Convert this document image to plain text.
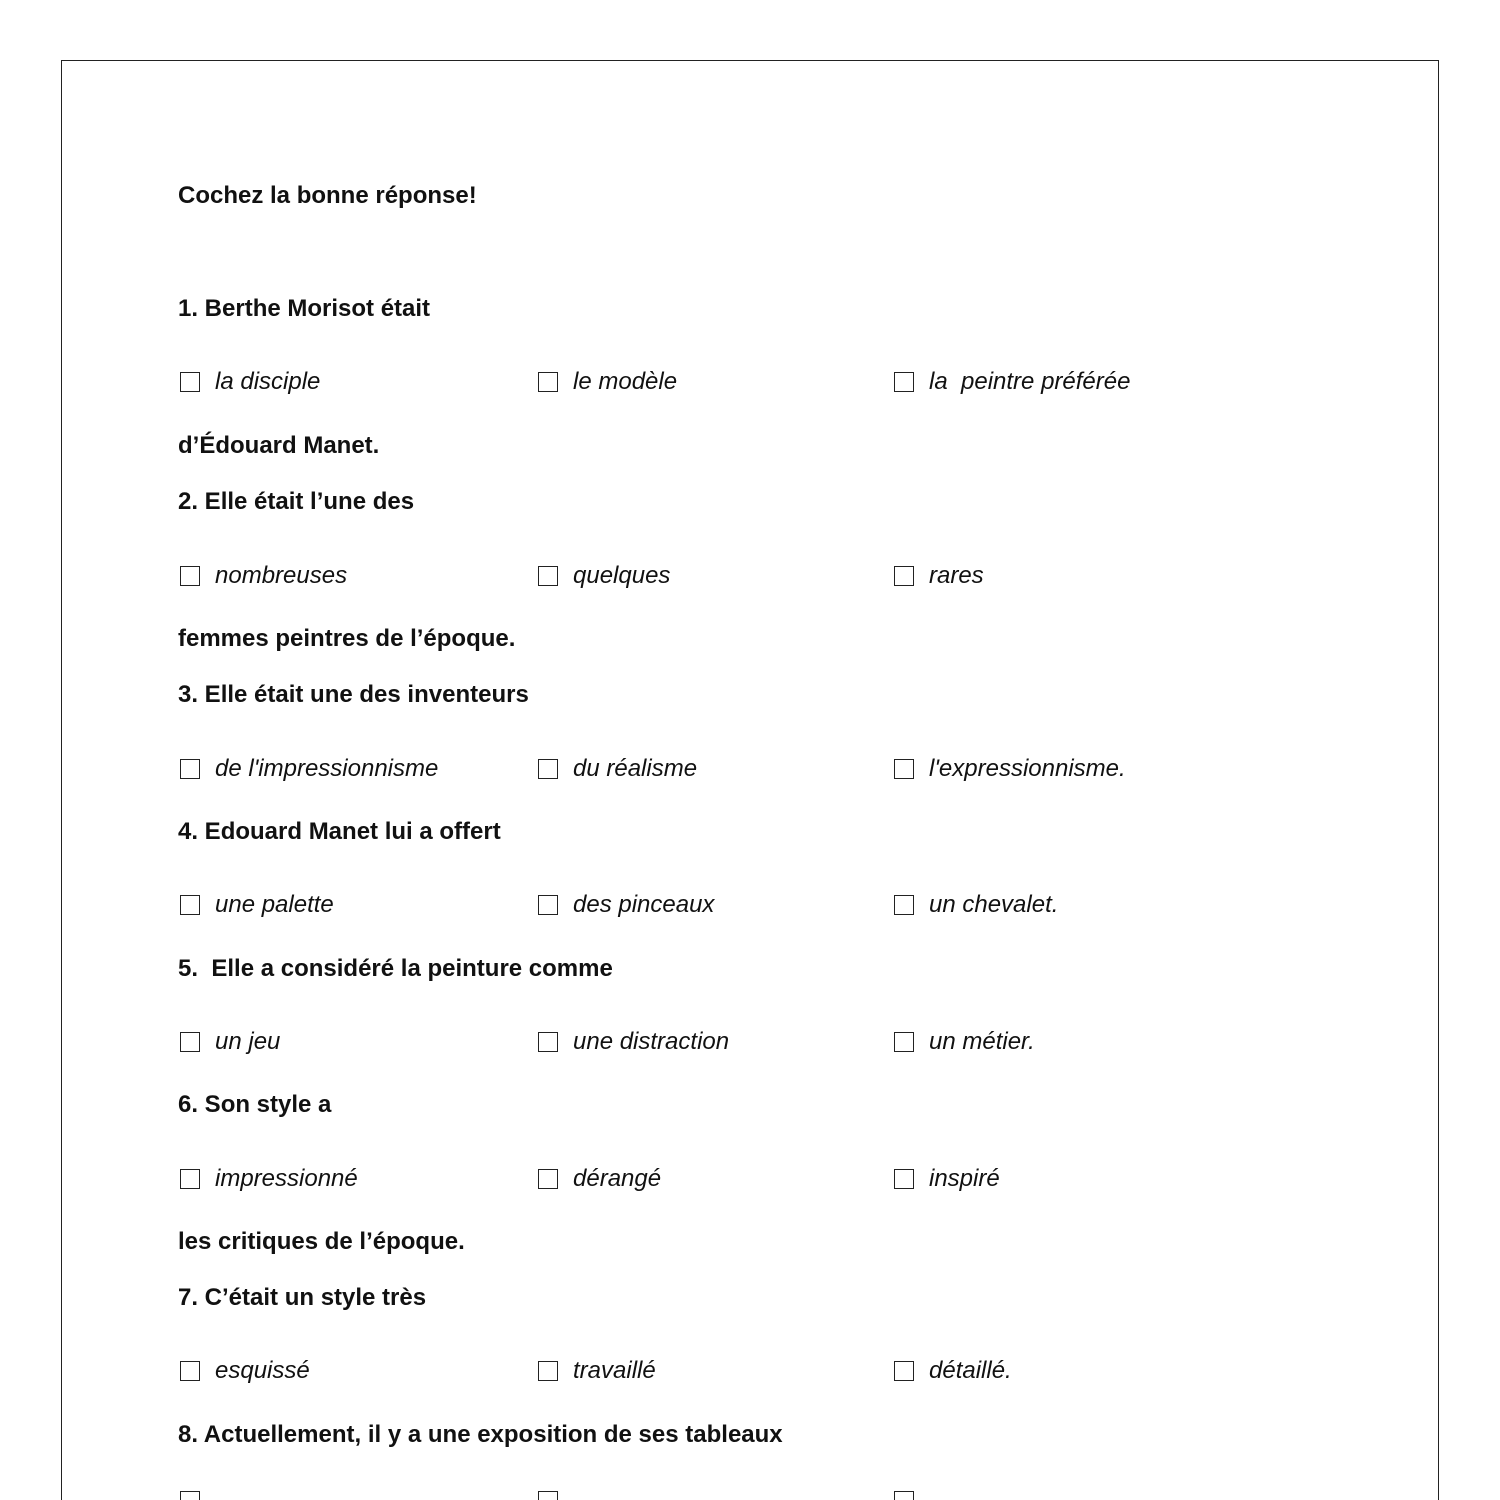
Cochez la bonne réponse!
1. Berthe Morisot était
la disciple	le modèle	la  peintre préférée
d’Édouard Manet.
2. Elle était l’une des
nombreuses	quelques	rares
femmes peintres de l’époque.
3. Elle était une des inventeurs
de l'impressionnisme	du réalisme	l'expressionnisme.
4. Edouard Manet lui a offert
une palette	des pinceaux	un chevalet.
5.  Elle a considéré la peinture comme
un jeu	une distraction	un métier.
6. Son style a
impressionné	dérangé	inspiré
les critiques de l’époque.
7. C’était un style très
esquissé	travaillé	détaillé.
8. Actuellement, il y a une exposition de ses tableaux
